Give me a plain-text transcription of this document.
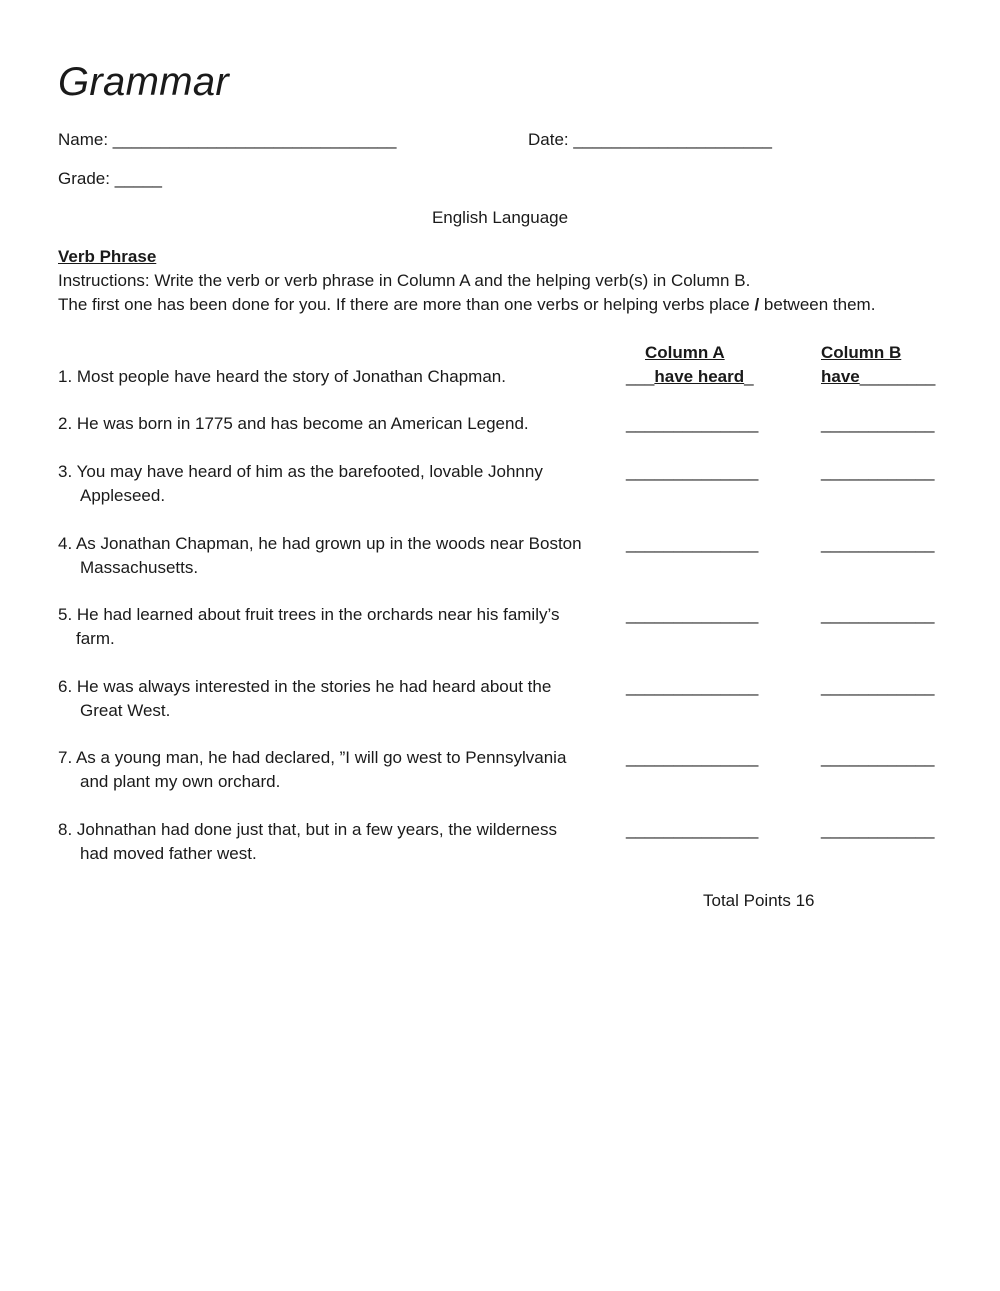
Grammar
Name: ______________________________	Date: _____________________
Grade: _____
English Language
Verb Phrase
Instructions: Write the verb or verb phrase in Column A and the helping verb(s) in Column B.
The first one has been done for you. If there are more than one verbs or helping verbs place / between them.
Column A	Column B
1. Most people have heard the story of Jonathan Chapman.	___have heard_	have________
2. He was born in 1775 and has become an American Legend.	______________	____________
3. You may have heard of him as the barefooted, lovable Johnny
Appleseed.
______________	____________
4. As Jonathan Chapman, he had grown up in the woods near Boston
Massachusetts.
______________	____________
5. He had learned about fruit trees in the orchards near his family’s
farm.
______________	____________
6. He was always interested in the stories he had heard about the
Great West.
______________	____________
7. As a young man, he had declared, ”I will go west to Pennsylvania
and plant my own orchard.
______________	____________
8. Johnathan had done just that, but in a few years, the wilderness
had moved father west.
______________	____________
Total Points 16
